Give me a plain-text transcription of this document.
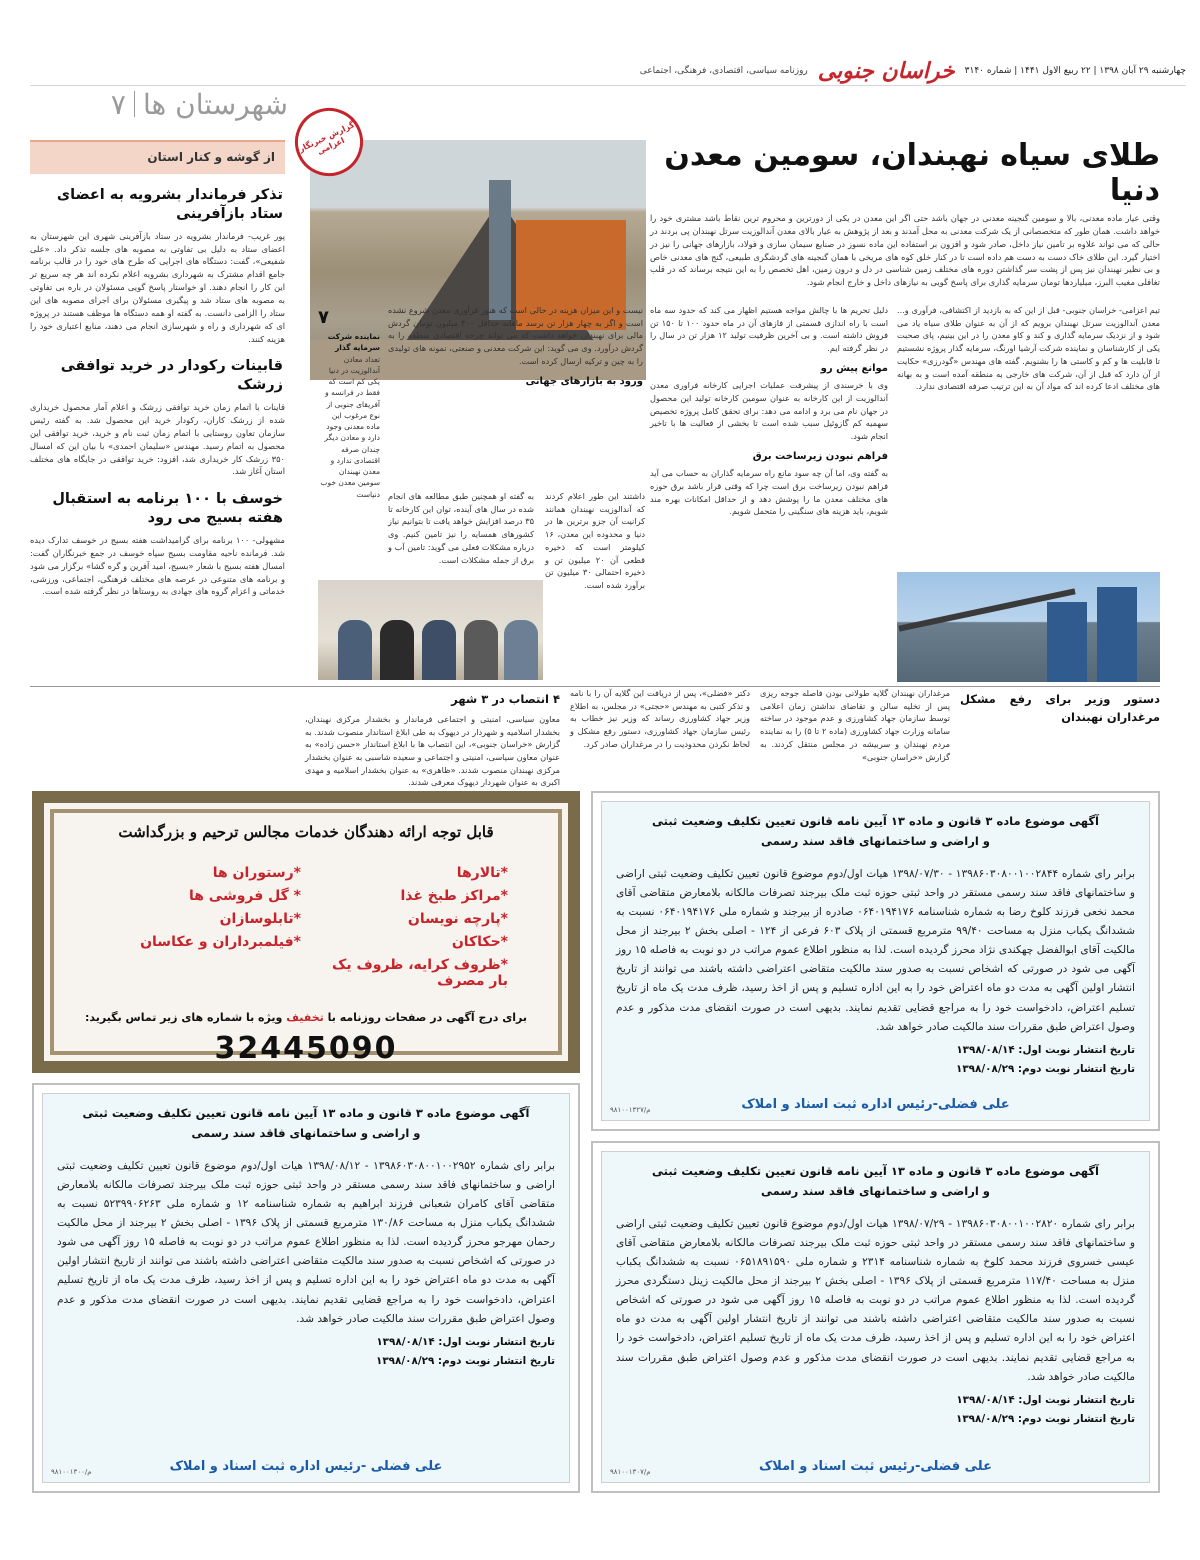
چهارشنبه ۲۹ آبان ۱۳۹۸ | ۲۲ ربیع الاول ۱۴۴۱ | شماره ۳۱۴۰
خراسان جنوبی
روزنامه سیاسی، اقتصادی، فرهنگی، اجتماعی
شهرستان ها
۷
از گوشه و کنار استان
تذکر فرماندار بشرویه به اعضای ستاد بازآفرینی

پور غریب- فرماندار بشرویه در ستاد بازآفرینی شهری این شهرستان به اعضای ستاد به دلیل بی تفاوتی به مصوبه های جلسه تذکر داد. «علی شفیعی»، گفت: دستگاه های اجرایی که طرح های خود را در قالب برنامه جامع اقدام مشترک به شهرداری بشرویه اعلام نکرده اند هر چه سریع تر این کار را انجام دهند. او خواستار پاسخ گویی مسئولان در باره بی تفاوتی به مصوبه های ستاد شد و پیگیری مسئولان برای اجرای مصوبه های این ستاد را الزامی دانست. به گفته او همه دستگاه ها موظف هستند در پروژه ای که شهرداری و راه و شهرسازی انجام می دهند، منابع اعتباری خود را هزینه کنند.

قابینات رکودار در خرید توافقی زرشک

قاینات با اتمام زمان خرید توافقی زرشک و اعلام آمار محصول خریداری شده از زرشک کاران، رکودار خرید این محصول شد. به گفته رئیس سازمان تعاون روستایی با اتمام زمان ثبت نام و خرید، خرید توافقی این محصول به اتمام رسید. مهندس «سلیمان احمدی» با بیان این که امسال ۳۵۰ زرشک کار خریداری شد، افزود: خرید توافقی در جایگاه های مختلف استان آغاز شد.

خوسف با ۱۰۰ برنامه به استقبال هفته بسیج می رود

مشهولی- ۱۰۰ برنامه برای گرامیداشت هفته بسیج در خوسف تدارک دیده شد. فرمانده ناحیه مقاومت بسیج سپاه خوسف در جمع خبرنگاران گفت: امسال هفته بسیج با شعار «بسیج، امید آفرین و گره گشا» برگزار می شود و برنامه های متنوعی در عرصه های مختلف فرهنگی، اجتماعی، ورزشی، خدماتی و اعزام گروه های جهادی به روستاها در نظر گرفته شده است.

طلای سیاه نهبندان، سومین معدن دنیا
گزارش خبرنگار اعزامی
وقتی عیار ماده معدنی، بالا و سومین گنجینه معدنی در جهان باشد حتی اگر این معدن در یکی از دورترین و محروم ترین نقاط باشد مشتری خود را خواهد داشت. همان طور که متخصصانی از یک شرکت معدنی به محل آمدند و بعد از پژوهش به عیار بالای معدن آندالوزیت سرتل نهبندان پی بردند در حالی که می تواند علاوه بر تامین نیاز داخل، صادر شود و افزون بر استفاده این ماده نسوز در صنایع سیمان سازی و فولاد، بازارهای جهانی را نیز در اختیار گیرد. این طلای خاک دست به دست هم داده است تا در کنار خلق کوه های مریخی با همان گنجینه های گردشگری طبیعی، گنج های معدنی خاص و بی نظیر نهبندان نیز پس از پشت سر گذاشتن دوره های مختلف زمین شناسی در دل و درون زمین، اهل تخصص را به این نتیجه برساند که در قلب تغافلی مغیب البرز، میلیاردها تومان سرمایه گذاری برای پاسخ گویی به نیازهای داخل و خارج انجام شود.
تیم اعزامی- خراسان جنوبی- قبل از این که به بازدید از اکتشافی، فرآوری و... معدن آندالوزیت سرتل نهبندان برویم که از آن به عنوان طلای سیاه یاد می شود و از نزدیک سرمایه گذاری و کند و کاو معدن را در این بینیم، پای صحبت یکی از کارشناسان و نماینده شرکت آرشیا اورنگ، سرمایه گذار پروژه نشستیم تا قابلیت ها و کم و کاستی ها را بشنویم. گفته های مهندس «گودرزی» حکایت از آن دارد که قبل از آن، شرکت های خارجی به منطقه آمده است و به بهانه های مختلف ادعا کرده اند که مواد آن به این ترتیب صرفه اقتصادی ندارد.
دلیل تحریم ها با چالش مواجه هستیم اظهار می کند که حدود سه ماه است با راه اندازی قسمتی از فازهای آن در ماه حدود ۱۰۰ تا ۱۵۰ تن فروش داشته است. و بی آخرین ظرفیت تولید ۱۲ هزار تن در سال را در نظر گرفته ایم.
موانع پیش رو
وی با خرسندی از پیشرفت عملیات اجرایی کارخانه فراوری معدن آندالوزیت از این کارخانه به عنوان سومین کارخانه تولید این محصول در جهان نام می برد و ادامه می دهد: برای تحقق کامل پروژه تخصیص سهمیه کم گازوئیل سبب شده است تا بخشی از فعالیت ها با تاخیر انجام شود.
فراهم نبودن زیرساخت برق
به گفته وی، اما آن چه سود مانع راه سرمایه گذاران به حساب می آید فراهم نبودن زیرساخت برق است چرا که وقتی قرار باشد برق حوزه های مختلف معدن ما را پوشش دهد و از حداقل امکانات بهره مند شویم، باید هزینه های سنگینی را متحمل شویم.
نیست و این میزان هزینه در حالی است که هنوز فرآوری معدن شروع نشده است و اگر به چهار هزار تن برسد ماهانه حداقل ۳۰۰ میلیون تومان گردش مالی برای نهبندان خواهد داشت که می تواند چرخه اقتصادی منطقه را به گردش درآورد. وی می گوید: این شرکت معدنی و صنعتی، نمونه های تولیدی را به چین و ترکیه ارسال کرده است.
ورود به بازارهای جهانی
به گفته او همچنین طبق مطالعه های انجام شده در سال های آینده، توان این کارخانه تا ۳۵ درصد افزایش خواهد یافت تا بتوانیم نیاز کشورهای همسایه را نیز تامین کنیم. وی درباره مشکلات فعلی می گوید: تامین آب و برق از جمله مشکلات است.
داشتند این طور اعلام کردند که آندالوزیت نهبندان همانند کرانیت آن جزو برترین ها در دنیا و محدوده این معدن، ۱۶ کیلومتر است که ذخیره قطعی آن ۲۰ میلیون تن و ذخیره احتمالی ۳۰ میلیون تن برآورد شده است.
۷
نماینده شرکت سرمایه گذار
تعداد معادن آندالوزیت در دنیا یکی کم است که فقط در فرانسه و آفریقای جنوبی از نوع مرغوب این ماده معدنی وجود دارد و معادن دیگر چندان صرفه اقتصادی ندارد و معدن نهبندان سومین معدن خوب دنیاست
دستور وزیر برای رفع مشکل مرغداران نهبندان
مرغداران نهبندان گلایه طولانی بودن فاصله جوجه ریزی پس از تخلیه سالن و تقاضای نداشتن زمان اعلامی توسط سازمان جهاد کشاورزی و عدم موجود در ساخته سامانه وزارت جهاد کشاورزی (ماده ۲ تا ۵) را به نماینده مردم نهبندان و سربیشه در مجلس منتقل کردند. به گزارش «خراسان جنوبی»
دکتر «فضلی»، پس از دریافت این گلایه آن را با نامه و تذکر کتبی به مهندس «حجتی» در مجلس، به اطلاع وزیر جهاد کشاورزی رساند که وزیر نیز خطاب به رئیس سازمان جهاد کشاورزی، دستور رفع مشکل و لحاظ نکردن محدودیت را در مرغداران صادر کرد.
۴ انتصاب در ۳ شهر
معاون سیاسی، امنیتی و اجتماعی فرماندار و بخشدار مرکزی نهبندان، بخشدار اسلامیه و شهردار در دیهوک به طی ابلاغ استاندار منصوب شدند. به گزارش «خراسان جنوبی»، این انتصاب ها با ابلاغ استاندار «حسن زاده» به عنوان معاون سیاسی، امنیتی و اجتماعی و سعیده شاسبی به عنوان بخشدار مرکزی نهبندان منصوب شدند. «ظاهری» به عنوان بخشدار اسلامیه و مهدی اکبری به عنوان شهردار دیهوک معرفی شدند.
قابل توجه ارائه دهندگان خدمات مجالس ترحیم و بزرگداشت
*تالارها
*رستوران ها
*مراکز طبخ غذا
* گل فروشی ها
*پارچه نویسان
*تابلوسازان
*حکاکان
*فیلمبرداران و عکاسان
*ظروف کرایه، ظروف یک بار مصرف
برای درج آگهی در صفحات روزنامه با تخفیف ویژه با شماره های زیر تماس بگیرید:
32445090
آگهی موضوع ماده ۳ قانون و ماده ۱۳ آیین نامه قانون تعیین تکلیف وضعیت ثبتی
و اراضی و ساختمانهای فاقد سند رسمی
برابر رای شماره ۱۳۹۸۶۰۳۰۸۰۰۱۰۰۲۸۴۴ - ۱۳۹۸/۰۷/۳۰ هیات اول/دوم موضوع قانون تعیین تکلیف وضعیت ثبتی اراضی و ساختمانهای فاقد سند رسمی مستقر در واحد ثبتی حوزه ثبت ملک بیرجند تصرفات مالکانه بلامعارض متقاضی آقای محمد نخعی فرزند کلوخ رضا به شماره شناسنامه ۰۶۴۰۱۹۴۱۷۶ صادره از بیرجند و شماره ملی ۰۶۴۰۱۹۴۱۷۶ نسبت به ششدانگ یکباب منزل به مساحت ۹۹/۴۰ مترمربع قسمتی از پلاک ۶۰۳ فرعی از ۱۲۴ - اصلی بخش ۲ بیرجند از محل مالکیت آقای ابوالفضل چهکندی نژاد محرز گردیده است. لذا به منظور اطلاع عموم مراتب در دو نوبت به فاصله ۱۵ روز آگهی می شود در صورتی که اشخاص نسبت به صدور سند مالکیت متقاضی اعتراضی داشته باشند می توانند از تاریخ انتشار اولین آگهی به مدت دو ماه اعتراض خود را به این اداره تسلیم و پس از اخذ رسید، ظرف مدت یک ماه از تاریخ تسلیم اعتراض، دادخواست خود را به مراجع قضایی تقدیم نمایند. بدیهی است در صورت انقضای مدت مذکور و عدم وصول اعتراض طبق مقررات سند مالکیت صادر خواهد شد.
تاریخ انتشار نوبت اول: ۱۳۹۸/۰۸/۱۴
تاریخ انتشار نوبت دوم: ۱۳۹۸/۰۸/۲۹
علی فضلی-رئیس اداره ثبت اسناد و املاک
م/۹۸۱۰۰۱۳۲۷
آگهی موضوع ماده ۳ قانون و ماده ۱۳ آیین نامه قانون تعیین تکلیف وضعیت ثبتی
و اراضی و ساختمانهای فاقد سند رسمی
برابر رای شماره ۱۳۹۸۶۰۳۰۸۰۰۱۰۰۲۹۵۲ - ۱۳۹۸/۰۸/۱۲ هیات اول/دوم موضوع قانون تعیین تکلیف وضعیت ثبتی اراضی و ساختمانهای فاقد سند رسمی مستقر در واحد ثبتی حوزه ثبت ملک بیرجند تصرفات مالکانه بلامعارض متقاضی آقای کامران شعبانی فرزند ابراهیم به شماره شناسنامه ۱۲ و شماره ملی ۵۲۳۹۹۰۶۲۶۳ نسبت به ششدانگ یکباب منزل به مساحت ۱۳۰/۸۶ مترمربع قسمتی از پلاک ۱۳۹۶ - اصلی بخش ۲ بیرجند از محل مالکیت رحمان مهرجو محرز گردیده است. لذا به منظور اطلاع عموم مراتب در دو نوبت به فاصله ۱۵ روز آگهی می شود در صورتی که اشخاص نسبت به صدور سند مالکیت متقاضی اعتراضی داشته باشند می توانند از تاریخ انتشار اولین آگهی به مدت دو ماه اعتراض خود را به این اداره تسلیم و پس از اخذ رسید، ظرف مدت یک ماه از تاریخ تسلیم اعتراض، دادخواست خود را به مراجع قضایی تقدیم نمایند. بدیهی است در صورت انقضای مدت مذکور و عدم وصول اعتراض طبق مقررات سند مالکیت صادر خواهد شد.
تاریخ انتشار نوبت اول: ۱۳۹۸/۰۸/۱۴
تاریخ انتشار نوبت دوم: ۱۳۹۸/۰۸/۲۹
علی فضلی -رئیس اداره ثبت اسناد و املاک
م/۹۸۱۰۰۱۳۰۰
آگهی موضوع ماده ۳ قانون و ماده ۱۳ آیین نامه قانون تعیین تکلیف وضعیت ثبتی
و اراضی و ساختمانهای فاقد سند رسمی
برابر رای شماره ۱۳۹۸۶۰۳۰۸۰۰۱۰۰۲۸۲۰ - ۱۳۹۸/۰۷/۲۹ هیات اول/دوم موضوع قانون تعیین تکلیف وضعیت ثبتی اراضی و ساختمانهای فاقد سند رسمی مستقر در واحد ثبتی حوزه ثبت ملک بیرجند تصرفات مالکانه بلامعارض متقاضی آقای عیسی خسروی فرزند محمد کلوخ به شماره شناسنامه ۲۳۱۴ و شماره ملی ۰۶۵۱۸۹۱۵۹۰ نسبت به ششدانگ یکباب منزل به مساحت ۱۱۷/۴۰ مترمربع قسمتی از پلاک ۱۳۹۶ - اصلی بخش ۲ بیرجند از محل مالکیت زینل دستگردی محرز گردیده است. لذا به منظور اطلاع عموم مراتب در دو نوبت به فاصله ۱۵ روز آگهی می شود در صورتی که اشخاص نسبت به صدور سند مالکیت متقاضی اعتراضی داشته باشند می توانند از تاریخ انتشار اولین آگهی به مدت دو ماه اعتراض خود را به این اداره تسلیم و پس از اخذ رسید، ظرف مدت یک ماه از تاریخ تسلیم اعتراض، دادخواست خود را به مراجع قضایی تقدیم نمایند. بدیهی است در صورت انقضای مدت مذکور و عدم وصول اعتراض طبق مقررات سند مالکیت صادر خواهد شد.
تاریخ انتشار نوبت اول: ۱۳۹۸/۰۸/۱۴
تاریخ انتشار نوبت دوم: ۱۳۹۸/۰۸/۲۹
علی فضلی-رئیس ثبت اسناد و املاک
م/۹۸۱۰۰۱۳۰۷
